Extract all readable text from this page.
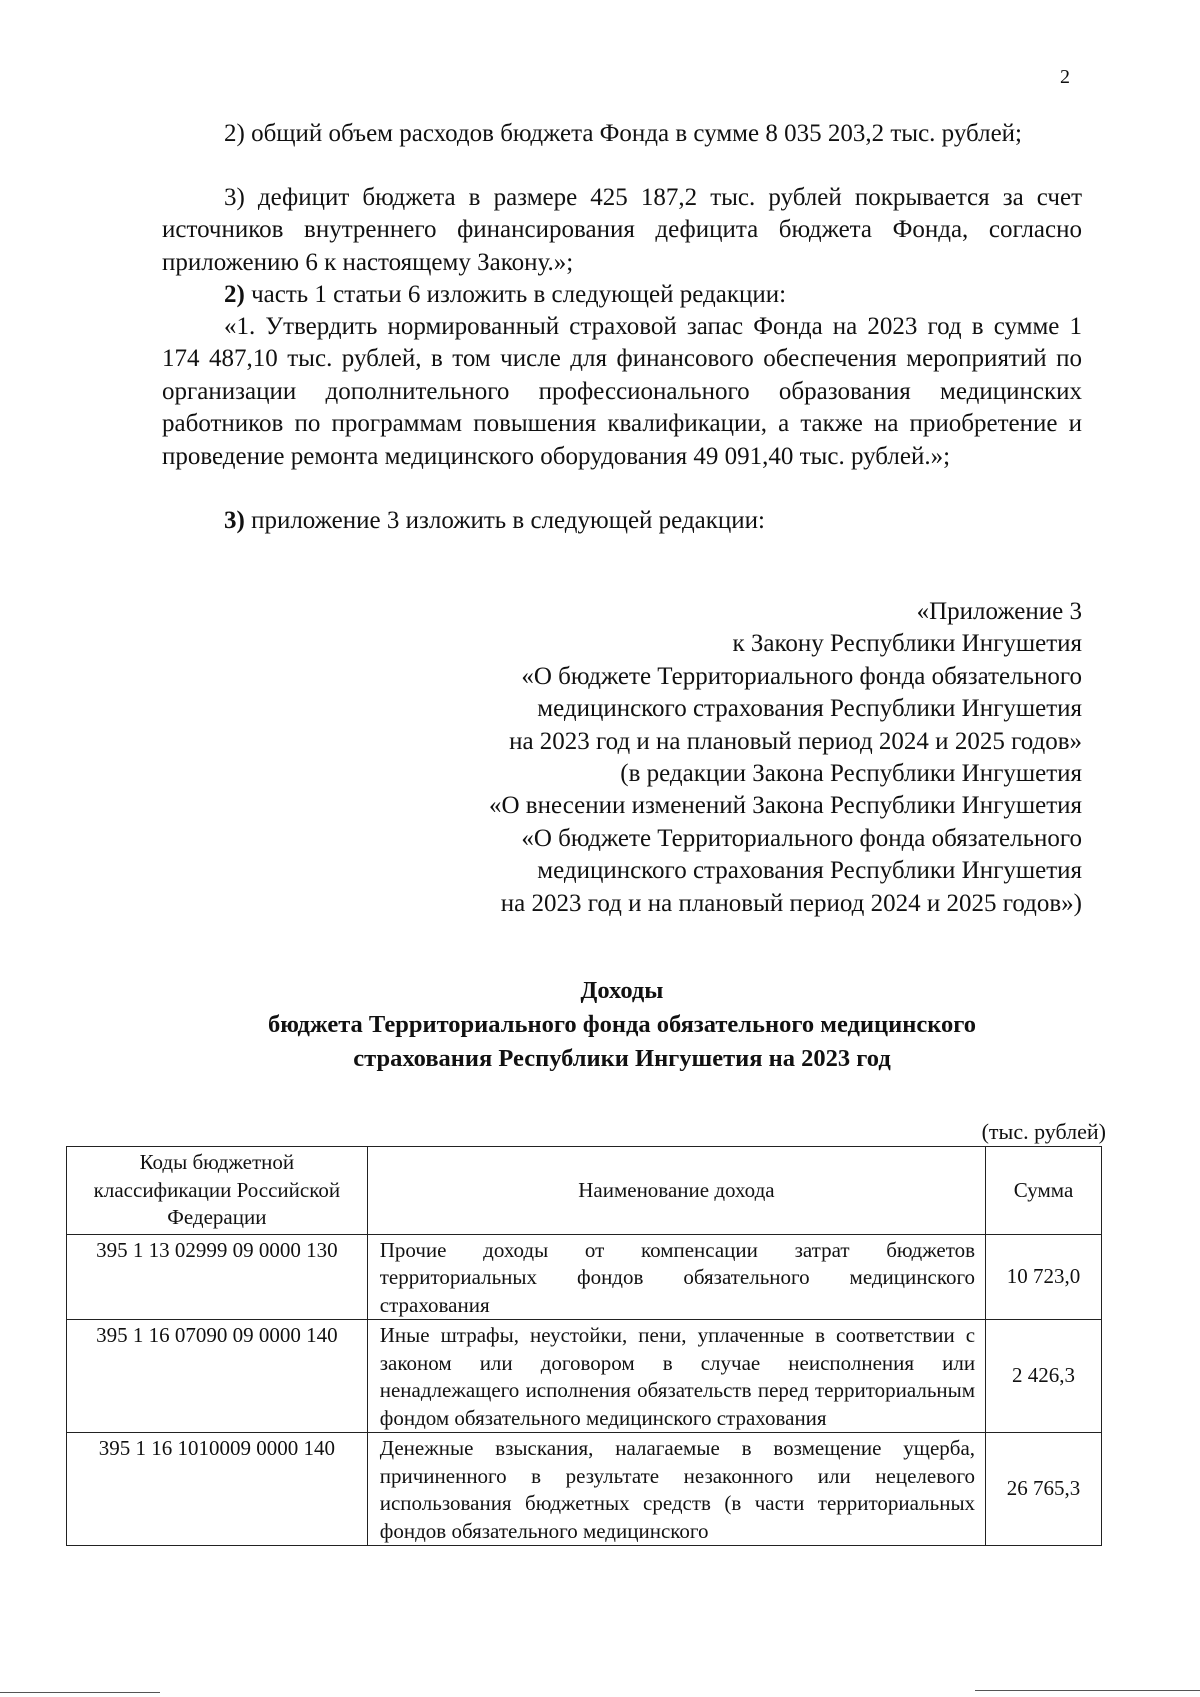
2
2) общий объем расходов бюджета Фонда в сумме 8 035 203,2 тыс. рублей;
3) дефицит бюджета в размере 425 187,2 тыс. рублей покрывается за счет источников внутреннего финансирования дефицита бюджета Фонда, согласно приложению 6 к настоящему Закону.»;
2) часть 1 статьи 6 изложить в следующей редакции:
«1. Утвердить нормированный страховой запас Фонда на 2023 год в сумме 1 174 487,10 тыс. рублей, в том числе для финансового обеспечения мероприятий по организации дополнительного профессионального образования медицинских работников по программам повышения квалификации, а также на приобретение и проведение ремонта медицинского оборудования 49 091,40 тыс. рублей.»;
3) приложение 3 изложить в следующей редакции:
«Приложение 3
к Закону Республики Ингушетия
«О бюджете Территориального фонда обязательного
медицинского страхования Республики Ингушетия
на 2023 год и на плановый период 2024 и 2025 годов»
(в редакции Закона Республики Ингушетия
«О внесении изменений Закона Республики Ингушетия
«О бюджете Территориального фонда обязательного
медицинского страхования Республики Ингушетия
на 2023 год и на плановый период 2024 и 2025 годов»)
Доходы
бюджета Территориального фонда обязательного медицинского
страхования Республики Ингушетия на 2023 год
(тыс. рублей)
Коды бюджетной классификации Российской Федерации	Наименование дохода	Сумма
395 1 13 02999 09 0000 130	Прочие доходы от компенсации затрат бюджетов территориальных фондов обязательного медицинского страхования	10 723,0
395 1 16 07090 09 0000 140	Иные штрафы, неустойки, пени, уплаченные в соответствии с законом или договором в случае неисполнения или ненадлежащего исполнения обязательств перед территориальным фондом обязательного медицинского страхования	2 426,3
395 1 16 1010009 0000 140	Денежные взыскания, налагаемые в возмещение ущерба, причиненного в результате незаконного или нецелевого использования бюджетных средств (в части территориальных фондов обязательного медицинского	26 765,3
